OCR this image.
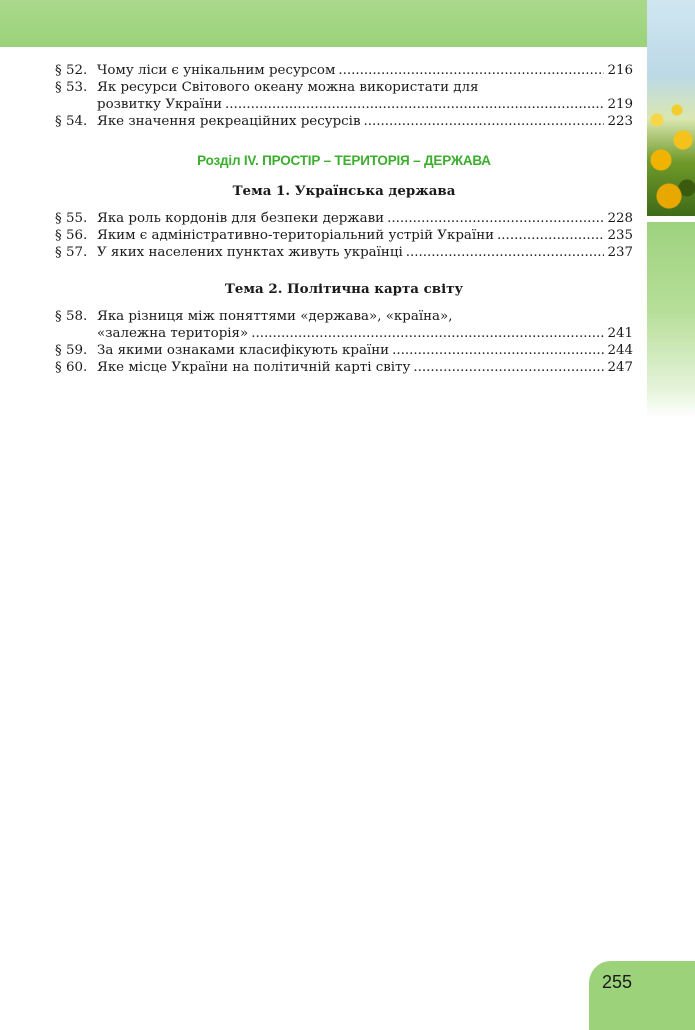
§ 52. Чому ліси є унікальним ресурсом .....	216
§ 53. Як ресурси Світового океану можна використати для
розвитку України .....	219
§ 54. Яке значення рекреаційних ресурсів .....	223
Розділ IV. ПРОСТІР – ТЕРИТОРІЯ – ДЕРЖАВА
Тема 1. Українська держава
§ 55. Яка роль кордонів для безпеки держави .....	228
§ 56. Яким є адміністративно-територіальний устрій України .....	235
§ 57. У яких населених пунктах живуть українці .....	237
Тема 2. Політична карта світу
§ 58. Яка різниця між поняттями «держава», «країна»,
«залежна територія» .....	241
§ 59. За якими ознаками класифікують країни .....	244
§ 60. Яке місце України на політичній карті світу .....	247
255
